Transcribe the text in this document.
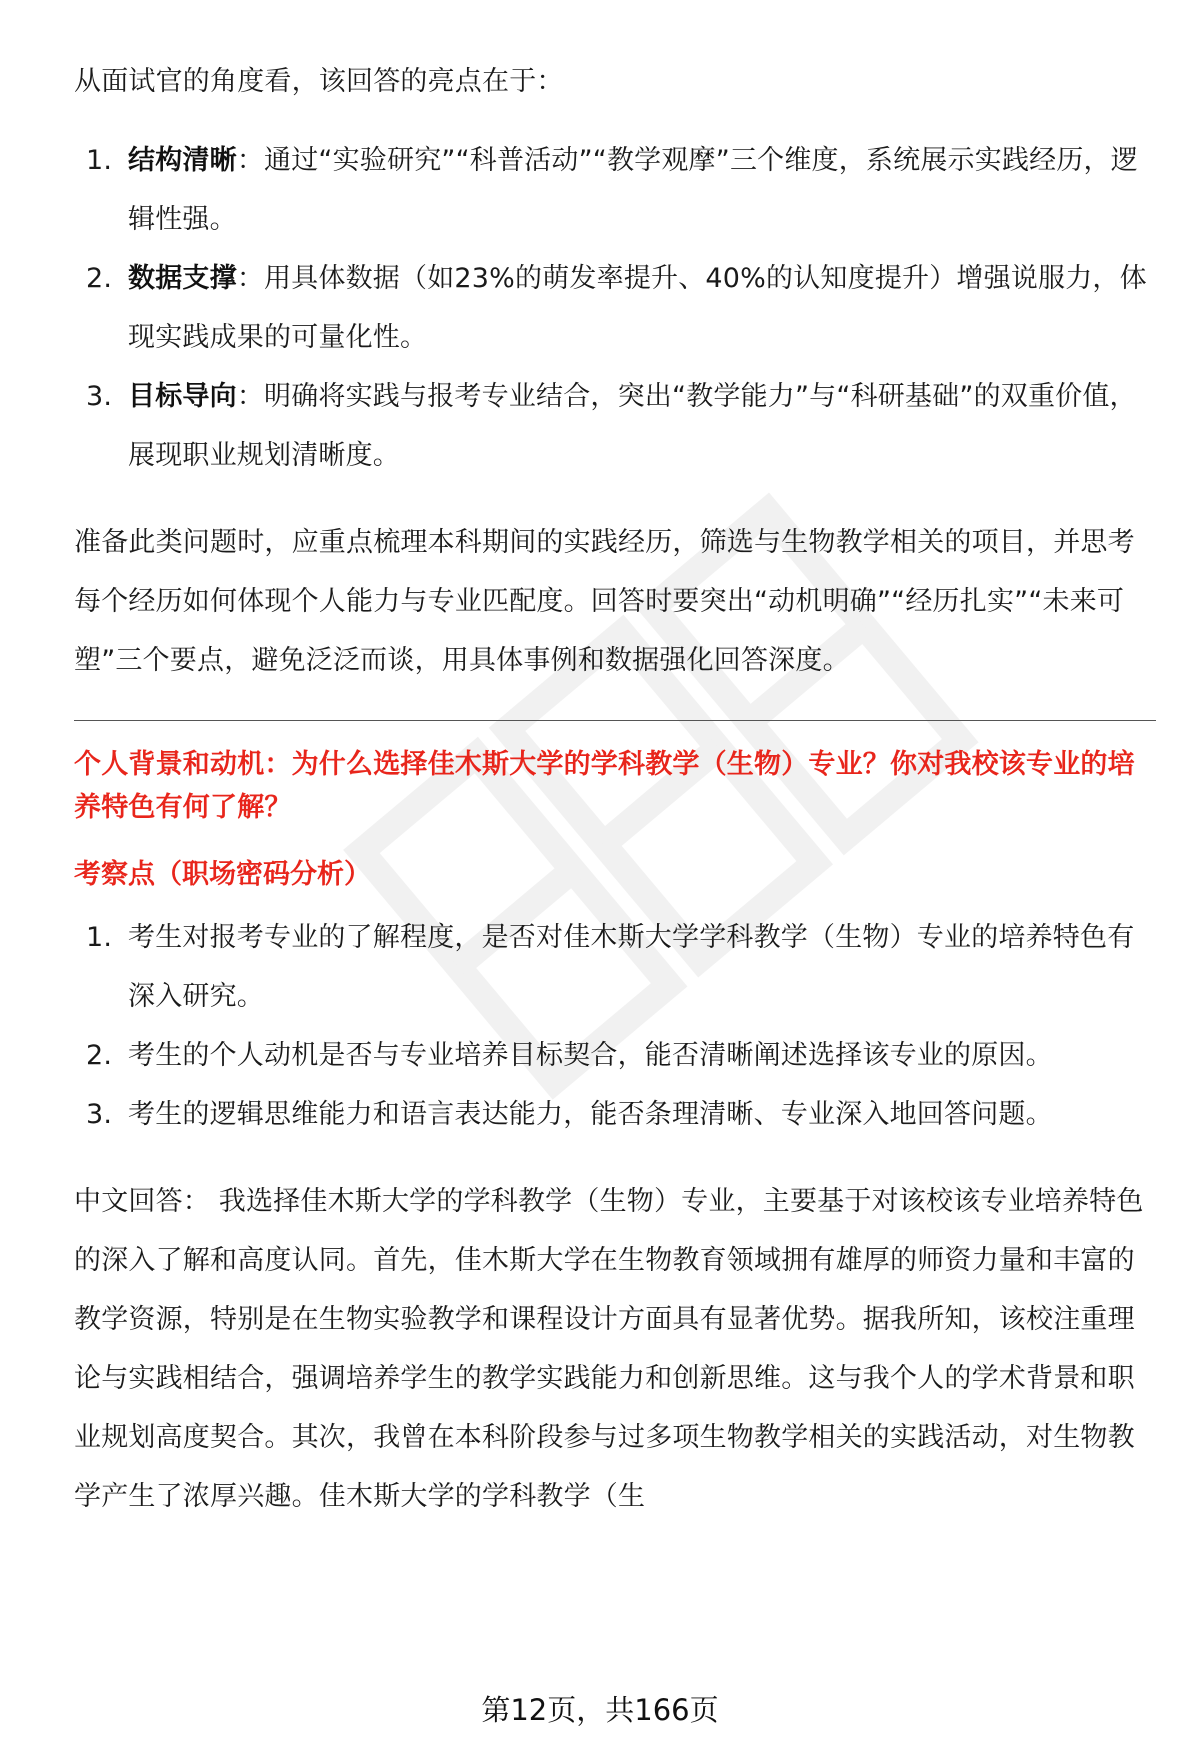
从面试官的角度看，该回答的亮点在于：

1. 结构清晰：通过“实验研究”“科普活动”“教学观摩”三个维度，系统展示实践经历，逻辑性强。
2. 数据支撑：用具体数据（如23%的萌发率提升、40%的认知度提升）增强说服力，体现实践成果的可量化性。
3. 目标导向：明确将实践与报考专业结合，突出“教学能力”与“科研基础”的双重价值，展现职业规划清晰度。

准备此类问题时，应重点梳理本科期间的实践经历，筛选与生物教学相关的项目，并思考每个经历如何体现个人能力与专业匹配度。回答时要突出“动机明确”“经历扎实”“未来可塑”三个要点，避免泛泛而谈，用具体事例和数据强化回答深度。

个人背景和动机：为什么选择佳木斯大学的学科教学（生物）专业？你对我校该专业的培养特色有何了解？

考察点（职场密码分析）

1. 考生对报考专业的了解程度，是否对佳木斯大学学科教学（生物）专业的培养特色有深入研究。
2. 考生的个人动机是否与专业培养目标契合，能否清晰阐述选择该专业的原因。
3. 考生的逻辑思维能力和语言表达能力，能否条理清晰、专业深入地回答问题。

中文回答： 我选择佳木斯大学的学科教学（生物）专业，主要基于对该校该专业培养特色的深入了解和高度认同。首先，佳木斯大学在生物教育领域拥有雄厚的师资力量和丰富的教学资源，特别是在生物实验教学和课程设计方面具有显著优势。据我所知，该校注重理论与实践相结合，强调培养学生的教学实践能力和创新思维。这与我个人的学术背景和职业规划高度契合。其次，我曾在本科阶段参与过多项生物教学相关的实践活动，对生物教学产生了浓厚兴趣。佳木斯大学的学科教学（生

第12页，共166页
